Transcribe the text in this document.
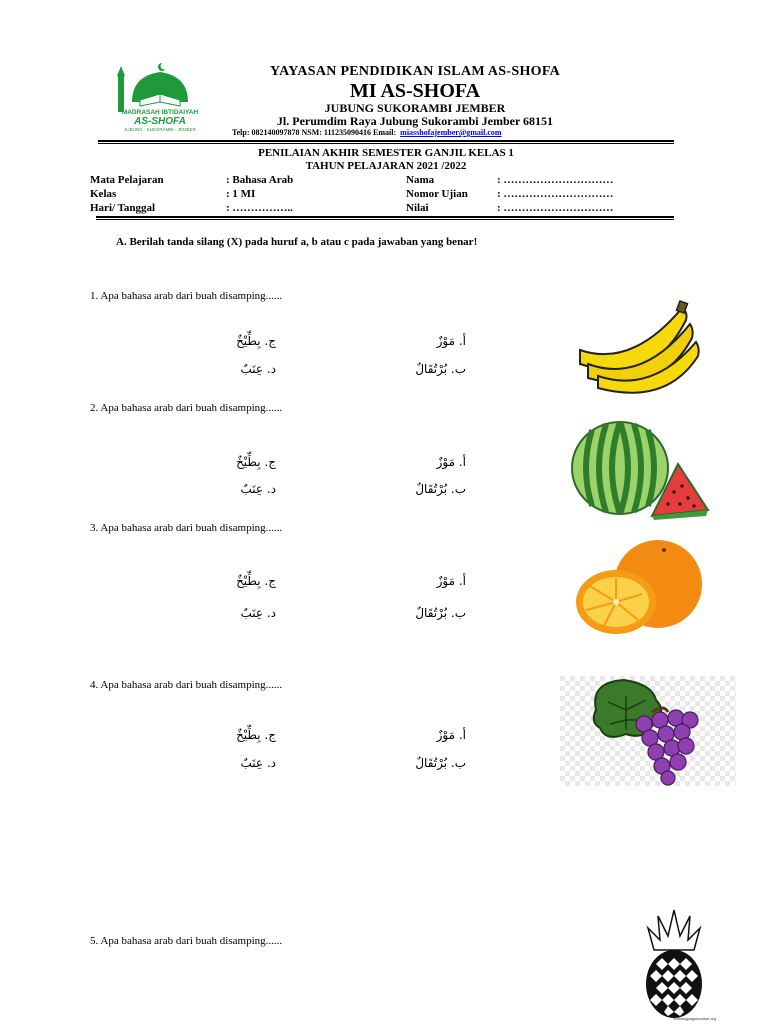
MADRASAH IBTIDAIYAH
AS-SHOFA
JUBUNG - SUKORAMBI - JEMBER
YAYASAN PENDIDIKAN ISLAM AS-SHOFA
MI AS-SHOFA
JUBUNG SUKORAMBI JEMBER
Jl. Perumdim Raya Jubung Sukorambi Jember 68151
Telp: 082140097878 NSM: 111235090416 Email: miasshofajember@gmail.com
PENILAIAN AKHIR SEMESTER GANJIL KELAS 1
TAHUN PELAJARAN 2021 /2022
Mata Pelajaran	: Bahasa Arab
Kelas	: 1 MI
Hari/ Tanggal	: ……………..
Nama	: …………………………
Nomor Ujian	: …………………………
Nilai	: …………………………
A. Berilah tanda silang (X) pada huruf a, b atau c pada jawaban yang benar!
1. Apa bahasa arab dari buah disamping......
أ. مَوْزٌ
ج. بِطِّيْخٌ
ب. بُرْتُقَالٌ
د. عِنَبٌ
2. Apa bahasa arab dari buah disamping......
أ. مَوْزٌ
ج. بِطِّيْخٌ
د. عِنَبٌ	ب. بُرْتُقَالٌ
3. Apa bahasa arab dari buah disamping......
أ. مَوْزٌ
ج. بِطِّيْخٌ
ب. بُرْتُقَالٌ
د. عِنَبٌ
4. Apa bahasa arab dari buah disamping......
أ. مَوْزٌ
ج. بِطِّيْخٌ
ب. بُرْتُقَالٌ
د. عِنَبٌ
5. Apa bahasa arab dari buah disamping......
coloringpagesonline.org
